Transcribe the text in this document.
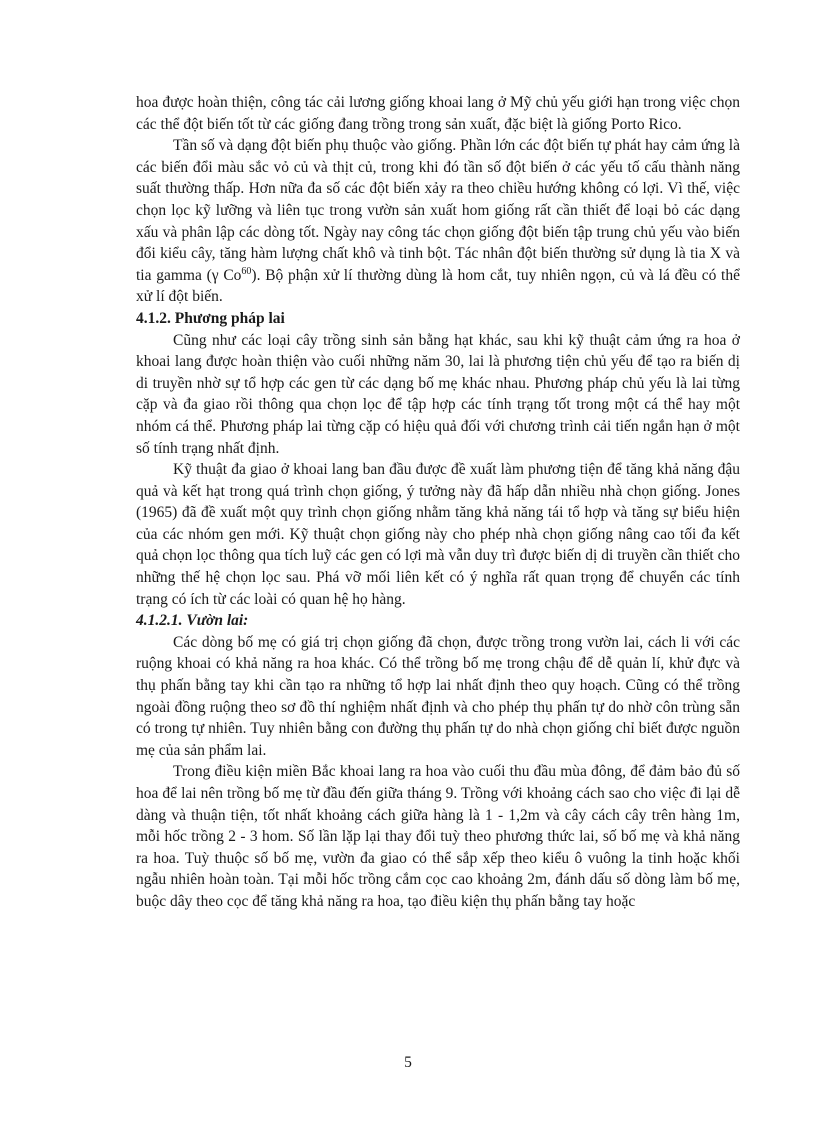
hoa được hoàn thiện, công tác cải lương giống khoai lang ở Mỹ chủ yếu giới hạn trong việc chọn các thể đột biến tốt từ các giống đang trồng trong sản xuất, đặc biệt là giống Porto Rico.

Tần số và dạng đột biến phụ thuộc vào giống. Phần lớn các đột biến tự phát hay cảm ứng là các biến đổi màu sắc vỏ củ và thịt củ, trong khi đó tần số đột biến ở các yếu tố cấu thành năng suất thường thấp. Hơn nữa đa số các đột biến xảy ra theo chiều hướng không có lợi. Vì thế, việc chọn lọc kỹ lưỡng và liên tục trong vườn sản xuất hom giống rất cần thiết để loại bỏ các dạng xấu và phân lập các dòng tốt. Ngày nay công tác chọn giống đột biến tập trung chủ yếu vào biến đổi kiểu cây, tăng hàm lượng chất khô và tinh bột. Tác nhân đột biến thường sử dụng là tia X và tia gamma (γ Co$^{60}$). Bộ phận xử lí thường dùng là hom cắt, tuy nhiên ngọn, củ và lá đều có thể xử lí đột biến.

4.1.2. Phương pháp lai

Cũng như các loại cây trồng sinh sản bằng hạt khác, sau khi kỹ thuật cảm ứng ra hoa ở khoai lang được hoàn thiện vào cuối những năm 30, lai là phương tiện chủ yếu để tạo ra biến dị di truyền nhờ sự tổ hợp các gen từ các dạng bố mẹ khác nhau. Phương pháp chủ yếu là lai từng cặp và đa giao rồi thông qua chọn lọc để tập hợp các tính trạng tốt trong một cá thể hay một nhóm cá thể. Phương pháp lai từng cặp có hiệu quả đối với chương trình cải tiến ngắn hạn ở một số tính trạng nhất định.

Kỹ thuật đa giao ở khoai lang ban đầu được đề xuất làm phương tiện để tăng khả năng đậu quả và kết hạt trong quá trình chọn giống, ý tưởng này đã hấp dẫn nhiều nhà chọn giống. Jones (1965) đã đề xuất một quy trình chọn giống nhằm tăng khả năng tái tổ hợp và tăng sự biểu hiện của các nhóm gen mới. Kỹ thuật chọn giống này cho phép nhà chọn giống nâng cao tối đa kết quả chọn lọc thông qua tích luỹ các gen có lợi mà vẫn duy trì được biến dị di truyền cần thiết cho những thế hệ chọn lọc sau. Phá vỡ mối liên kết có ý nghĩa rất quan trọng để chuyển các tính trạng có ích từ các loài có quan hệ họ hàng.

4.1.2.1. Vườn lai:

Các dòng bố mẹ có giá trị chọn giống đã chọn, được trồng trong vườn lai, cách li với các ruộng khoai có khả năng ra hoa khác. Có thể trồng bố mẹ trong chậu để dễ quản lí, khử đực và thụ phấn bằng tay khi cần tạo ra những tổ hợp lai nhất định theo quy hoạch. Cũng có thể trồng ngoài đồng ruộng theo sơ đồ thí nghiệm nhất định và cho phép thụ phấn tự do nhờ côn trùng sẵn có trong tự nhiên. Tuy nhiên bằng con đường thụ phấn tự do nhà chọn giống chỉ biết được nguồn mẹ của sản phẩm lai.

Trong điều kiện miền Bắc khoai lang ra hoa vào cuối thu đầu mùa đông, để đảm bảo đủ số hoa để lai nên trồng bố mẹ từ đầu đến giữa tháng 9. Trồng với khoảng cách sao cho việc đi lại dễ dàng và thuận tiện, tốt nhất khoảng cách giữa hàng là 1 - 1,2m và cây cách cây trên hàng 1m, mỗi hốc trồng 2 - 3 hom. Số lần lặp lại thay đổi tuỳ theo phương thức lai, số bố mẹ và khả năng ra hoa. Tuỳ thuộc số bố mẹ, vườn đa giao có thể sắp xếp theo kiểu ô vuông la tinh hoặc khối ngẫu nhiên hoàn toàn. Tại mỗi hốc trồng cắm cọc cao khoảng 2m, đánh dấu số dòng làm bố mẹ, buộc dây theo cọc để tăng khả năng ra hoa, tạo điều kiện thụ phấn bằng tay hoặc

5
